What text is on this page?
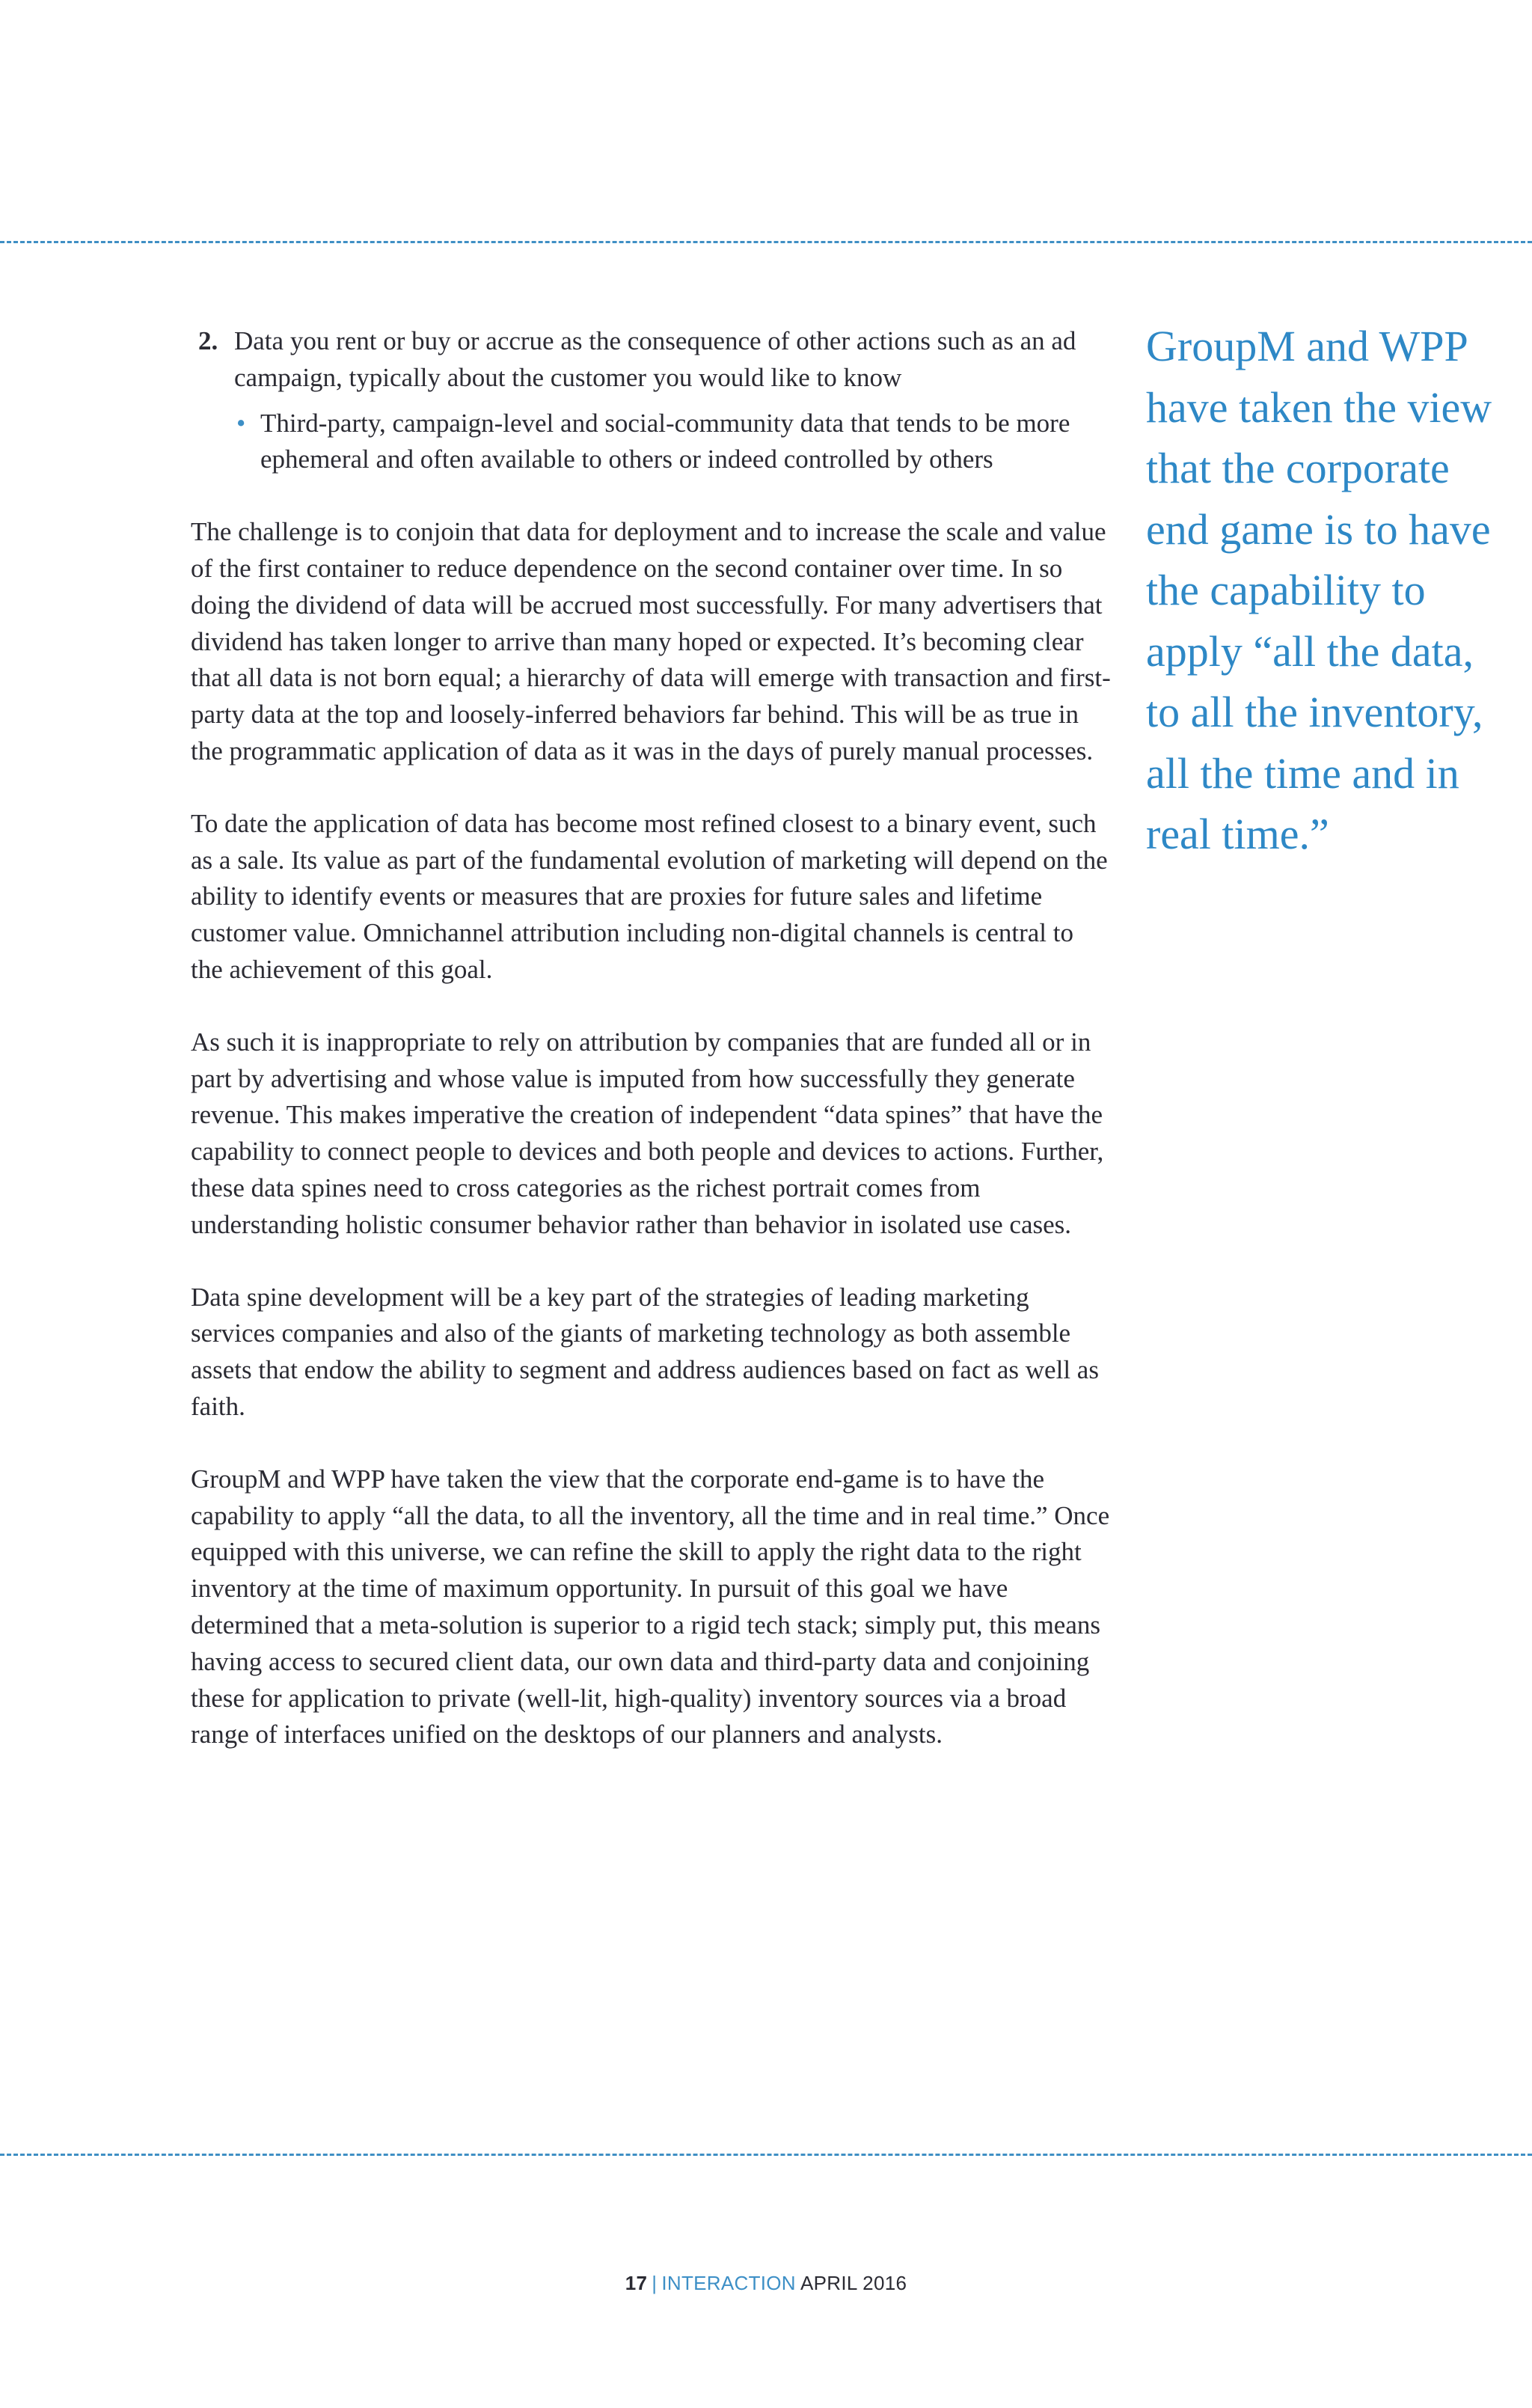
2. Data you rent or buy or accrue as the consequence of other actions such as an ad campaign, typically about the customer you would like to know
• Third-party, campaign-level and social-community data that tends to be more ephemeral and often available to others or indeed controlled by others

The challenge is to conjoin that data for deployment and to increase the scale and value of the first container to reduce dependence on the second container over time. In so doing the dividend of data will be accrued most successfully. For many advertisers that dividend has taken longer to arrive than many hoped or expected. It’s becoming clear that all data is not born equal; a hierarchy of data will emerge with transaction and first-party data at the top and loosely-inferred behaviors far behind. This will be as true in the programmatic application of data as it was in the days of purely manual processes.

To date the application of data has become most refined closest to a binary event, such as a sale. Its value as part of the fundamental evolution of marketing will depend on the ability to identify events or measures that are proxies for future sales and lifetime customer value. Omnichannel attribution including non-digital channels is central to the achievement of this goal.

As such it is inappropriate to rely on attribution by companies that are funded all or in part by advertising and whose value is imputed from how successfully they generate revenue. This makes imperative the creation of independent “data spines” that have the capability to connect people to devices and both people and devices to actions. Further, these data spines need to cross categories as the richest portrait comes from understanding holistic consumer behavior rather than behavior in isolated use cases.

Data spine development will be a key part of the strategies of leading marketing services companies and also of the giants of marketing technology as both assemble assets that endow the ability to segment and address audiences based on fact as well as faith.

GroupM and WPP have taken the view that the corporate end-game is to have the capability to apply “all the data, to all the inventory, all the time and in real time.” Once equipped with this universe, we can refine the skill to apply the right data to the right inventory at the time of maximum opportunity. In pursuit of this goal we have determined that a meta-solution is superior to a rigid tech stack; simply put, this means having access to secured client data, our own data and third-party data and conjoining these for application to private (well-lit, high-quality) inventory sources via a broad range of interfaces unified on the desktops of our planners and analysts.

GroupM and WPP have taken the view that the corporate end game is to have the capability to apply “all the data, to all the inventory, all the time and in real time.”
17 | INTERACTION APRIL 2016
